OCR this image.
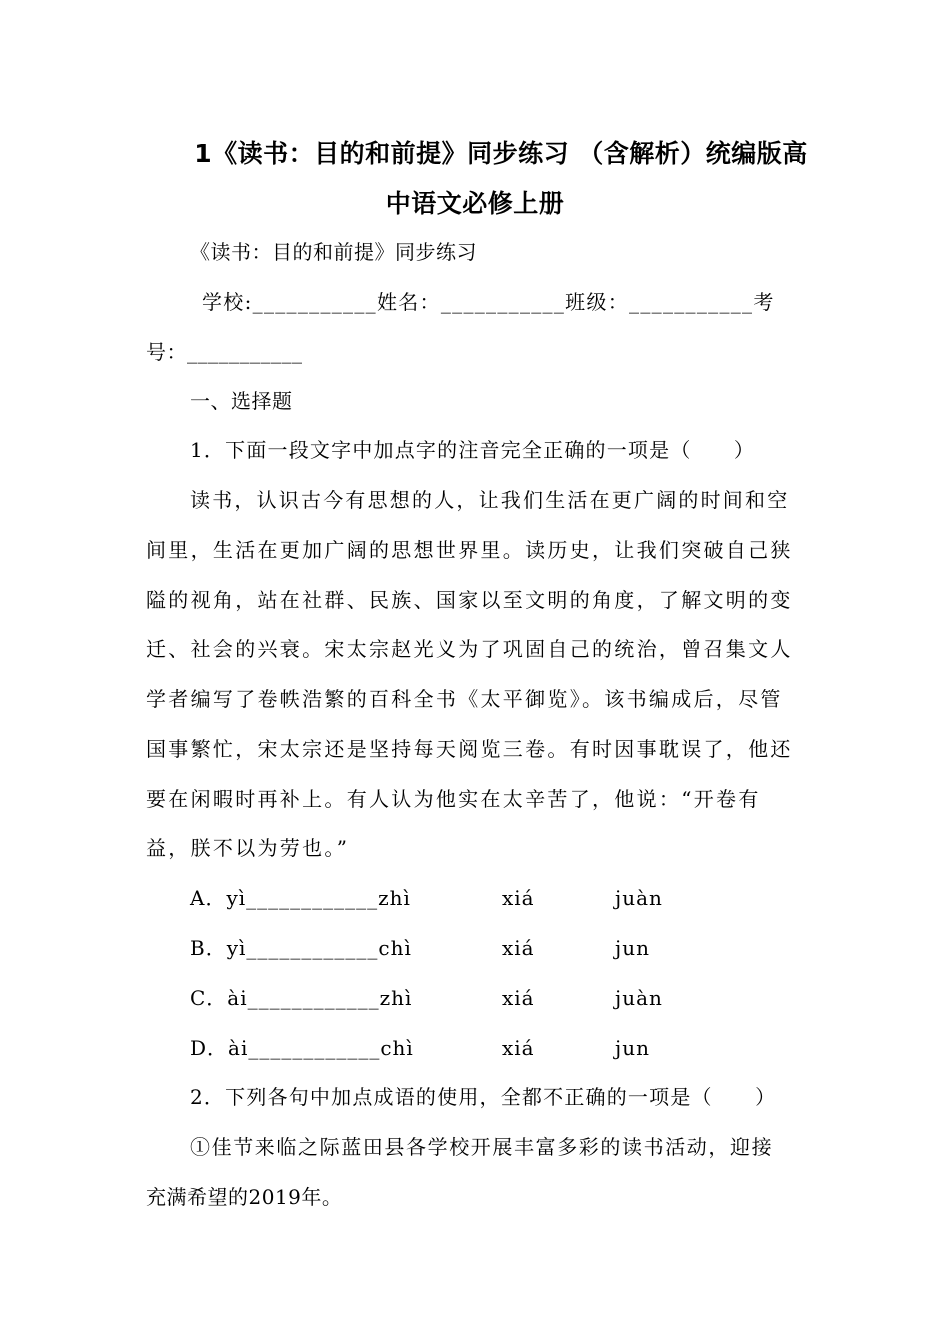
1《读书：目的和前提》同步练习 （含解析）统编版高
中语文必修上册
《读书：目的和前提》同步练习
学校:___________姓名：___________班级：___________考
号：___________
一、选择题
1．下面一段文字中加点字的注音完全正确的一项是（　　）
读书，认识古今有思想的人，让我们生活在更广阔的时间和空
间里，生活在更加广阔的思想世界里。读历史，让我们突破自己狭
隘的视角，站在社群、民族、国家以至文明的角度，了解文明的变
迁、社会的兴衰。宋太宗赵光义为了巩固自己的统治，曾召集文人
学者编写了卷帙浩繁的百科全书《太平御览》。该书编成后，尽管
国事繁忙，宋太宗还是坚持每天阅览三卷。有时因事耽误了，他还
要在闲暇时再补上。有人认为他实在太辛苦了，他说：“开卷有
益，朕不以为劳也。”
A．yì____________zhì	xiá	juàn
B．yì____________chì	xiá	jun
C．ài____________zhì	xiá	juàn
D．ài____________chì	xiá	jun
2．下列各句中加点成语的使用，全都不正确的一项是（　　）
①佳节来临之际蓝田县各学校开展丰富多彩的读书活动，迎接
充满希望的2019年。
